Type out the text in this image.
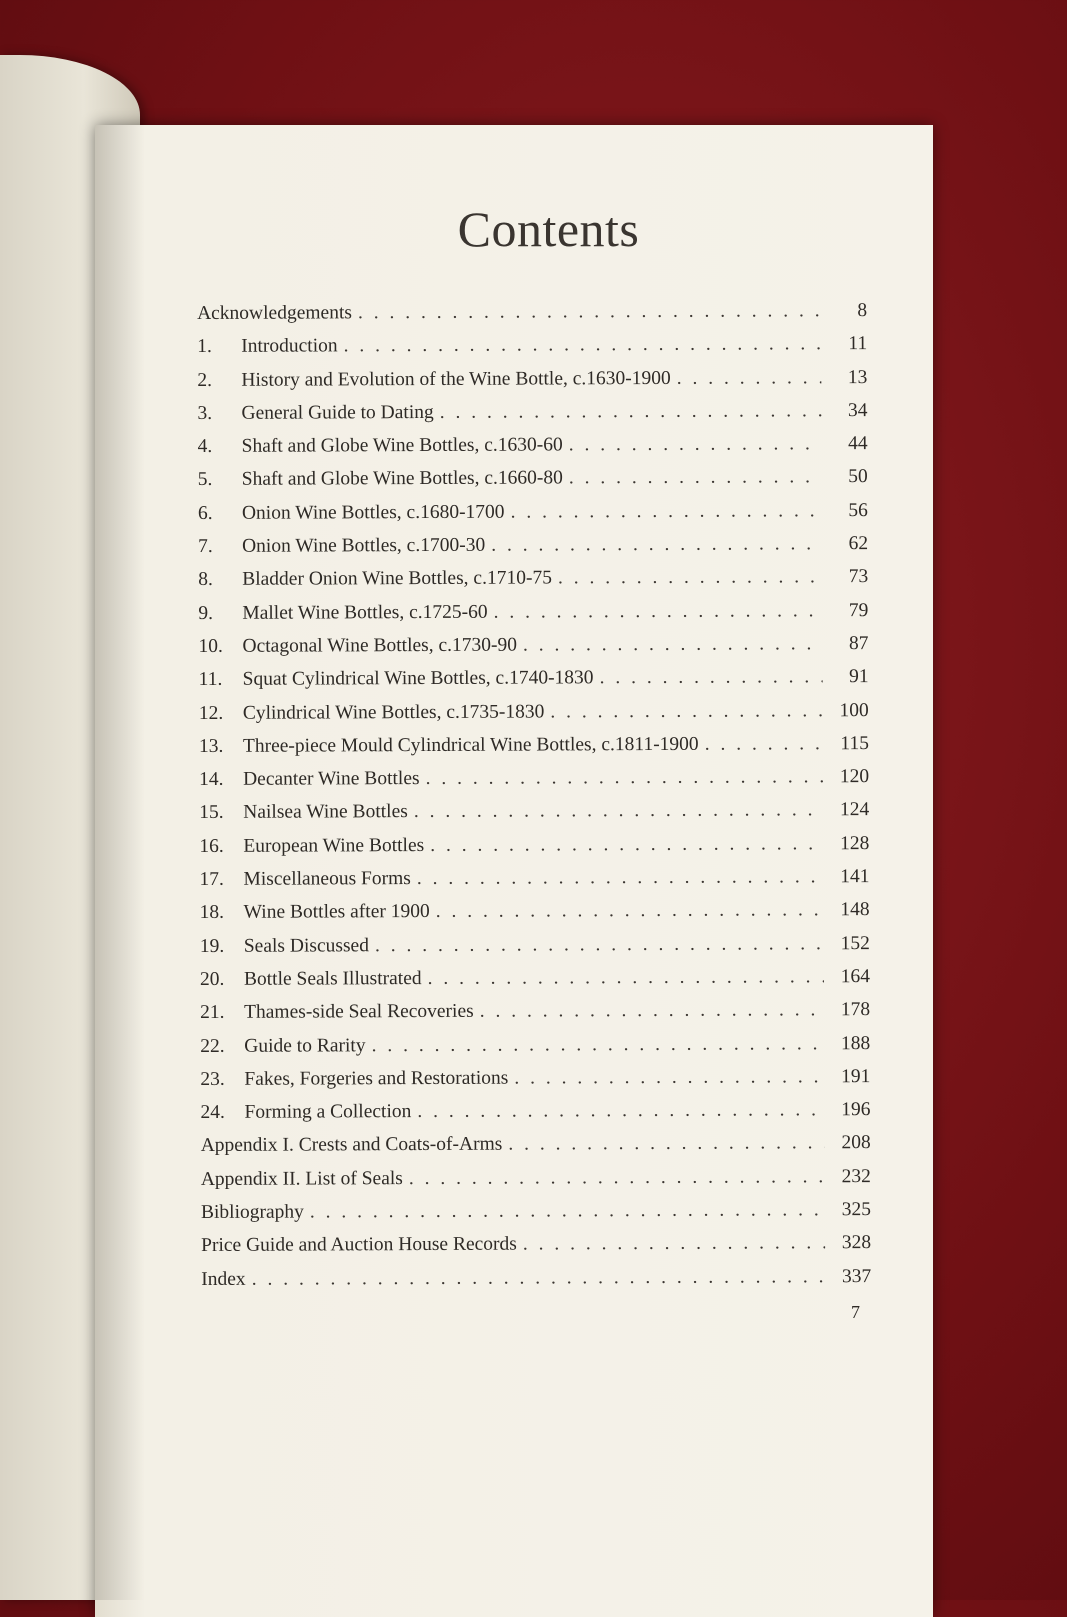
Contents
Acknowledgements . . .	8
1.	Introduction . . .	11
2.	History and Evolution of the Wine Bottle, c.1630-1900 . . .	13
3.	General Guide to Dating . . .	34
4.	Shaft and Globe Wine Bottles, c.1630-60 . . .	44
5.	Shaft and Globe Wine Bottles, c.1660-80 . . .	50
6.	Onion Wine Bottles, c.1680-1700 . . .	56
7.	Onion Wine Bottles, c.1700-30 . . .	62
8.	Bladder Onion Wine Bottles, c.1710-75 . . .	73
9.	Mallet Wine Bottles, c.1725-60 . . .	79
10.	Octagonal Wine Bottles, c.1730-90 . . .	87
11.	Squat Cylindrical Wine Bottles, c.1740-1830 . . .	91
12.	Cylindrical Wine Bottles, c.1735-1830 . . .	100
13.	Three-piece Mould Cylindrical Wine Bottles, c.1811-1900 . . .	115
14.	Decanter Wine Bottles . . .	120
15.	Nailsea Wine Bottles . . .	124
16.	European Wine Bottles . . .	128
17.	Miscellaneous Forms . . .	141
18.	Wine Bottles after 1900 . . .	148
19.	Seals Discussed . . .	152
20.	Bottle Seals Illustrated . . .	164
21.	Thames-side Seal Recoveries . . .	178
22.	Guide to Rarity . . .	188
23.	Fakes, Forgeries and Restorations . . .	191
24.	Forming a Collection . . .	196
Appendix I. Crests and Coats-of-Arms . . .	208
Appendix II. List of Seals . . .	232
Bibliography . . .	325
Price Guide and Auction House Records . . .	328
Index . . .	337
7
